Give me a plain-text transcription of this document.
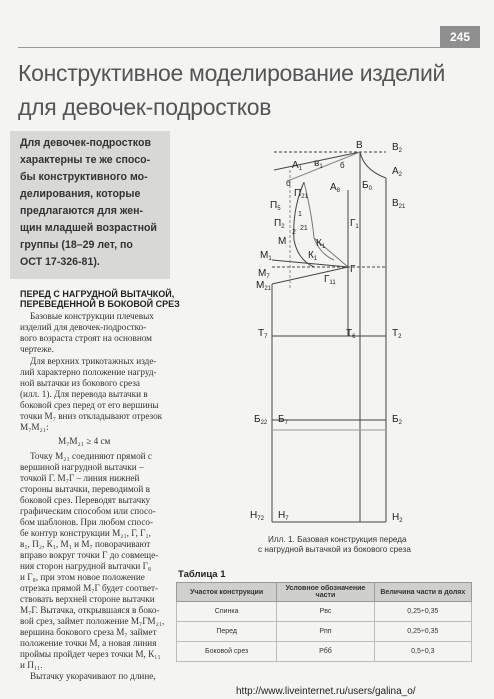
245
Конструктивное моделирование изделий
для девочек-подростков
Для девочек-подростков
характерны те же спосо-
бы конструктивного мо-
делирования, которые
предлагаются для жен-
щин младшей возрастной
группы (18–29 лет, по
ОСТ 17-326-81).
ПЕРЕД С НАГРУДНОЙ ВЫТАЧКОЙ,
ПЕРЕВЕДЕННОЙ В БОКОВОЙ СРЕЗ
Базовые конструкции плечевых
изделий для девочек-подростко-
вого возраста строят на основном
чертеже.
Для верхних трикотажных изде-
лий характерно положение нагруд-
ной вытачки из бокового среза
(илл. 1). Для перевода вытачки в
боковой срез перед от его вершины
точки М₇ вниз откладывают отрезок
М₇М₂₁:
М₇М₂₁ ≥ 4 см
Точку М₂₁ соединяют прямой с
вершиной нагрудной вытачки –
точкой Г. М₇Г – линия нижней
стороны вытачки, переводимой в
боковой срез. Переводят вытачку
графическим способом или спосо-
бом шаблонов. При любом спосо-
бе контур конструкции М₂₁, Г, Г₁,
в₁, П₂, К₁, М₁ и М₇ поворачивают
вправо вокруг точки Г до совмеще-
ния сторон нагрудной вытачки Г₈
и Г₈, при этом новое положение
отрезка прямой М₇Г будет соответ-
ствовать верхней стороне вытачки
М₇Г. Вытачка, открывшаяся в боко-
вой срез, займет положение М₇ГМ₂₁,
вершина бокового среза М₇ займет
положение точки М, а новая линия
проймы пройдет через точки М, К₁₁
и П₁₁.
Вытачку укорачивают по длине,
$А_1$ $в_1$
В	$В_2$
$А_2$
$Б_0$
$А_8$
$В_{21}$
$П_5$
$П_{21}$
$П_2$	$Г_1$
М	$К_1$
$М_1$	$К_1$
Г
$Г_{11}$
$М_7$
$М_{21}$
$Т_7$	$Т_6$	$Т_2$
$Б_{22}$ $Б_7$	$Б_2$
$Н_{72}$ $Н_7$	$Н_2$
1
21
2
б
б
Илл. 1. Базовая конструкция переда
с нагрудной вытачкой из бокового среза
Таблица 1
Участок конструкции	Условное обозначение части	Величина части в долях
Спинка	Рвс	0,25÷0,35
Перед	Рпп	0,25÷0,35
Боковой срез	Рбб	0,5÷0,3
http://www.liveinternet.ru/users/galina_o/
